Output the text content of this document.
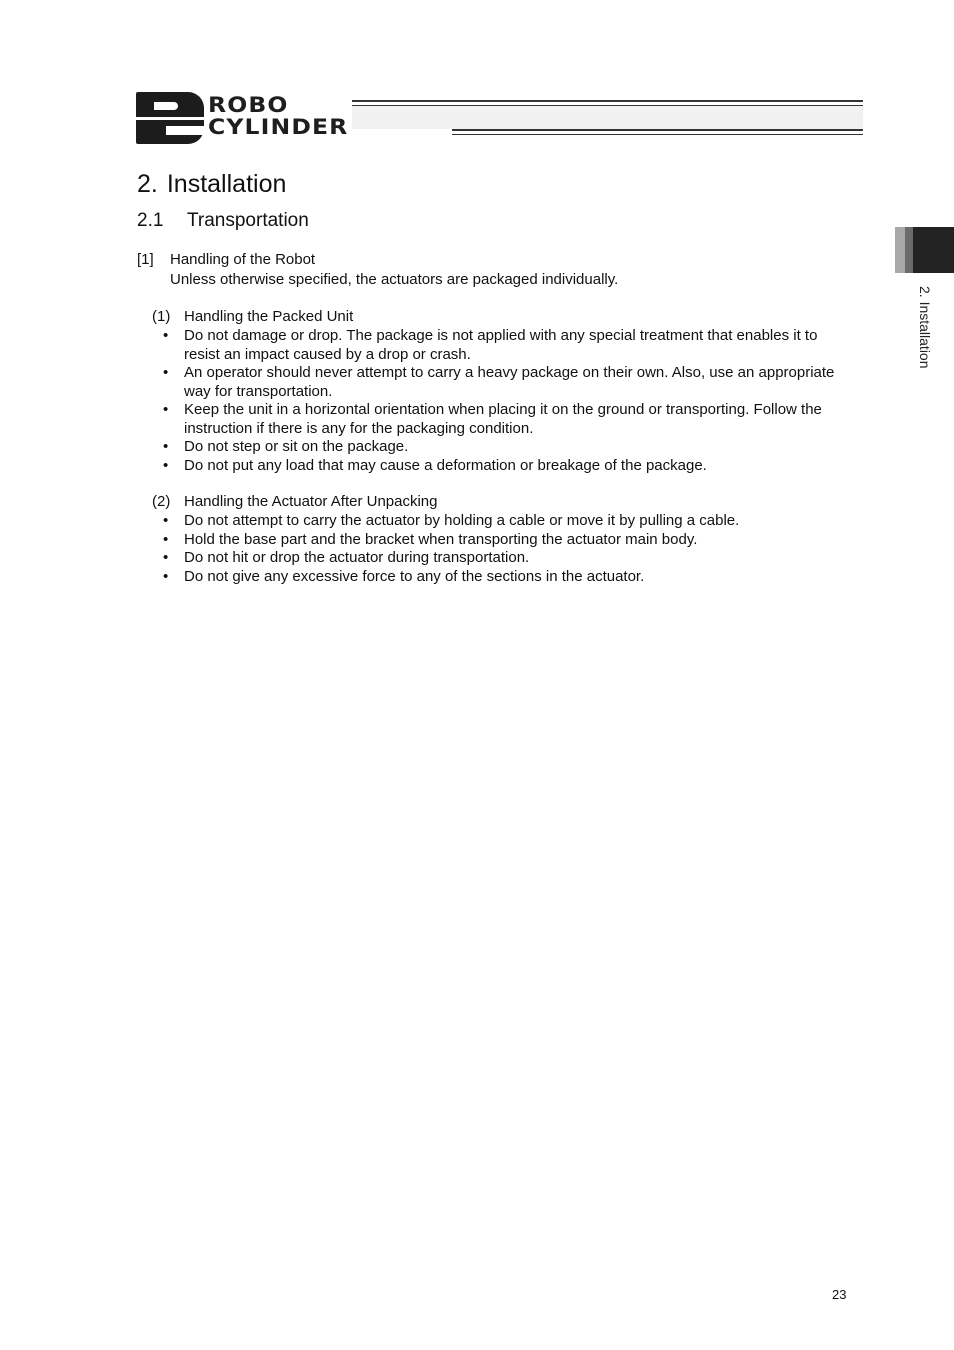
ROBO
CYLINDER
2. Installation
2. Installation
2.1 Transportation
[1] Handling of the Robot
Unless otherwise specified, the actuators are packaged individually.
(1) Handling the Packed Unit
• Do not damage or drop. The package is not applied with any special treatment that enables it to resist an impact caused by a drop or crash.
• An operator should never attempt to carry a heavy package on their own. Also, use an appropriate way for transportation.
• Keep the unit in a horizontal orientation when placing it on the ground or transporting. Follow the instruction if there is any for the packaging condition.
• Do not step or sit on the package.
• Do not put any load that may cause a deformation or breakage of the package.
(2) Handling the Actuator After Unpacking
• Do not attempt to carry the actuator by holding a cable or move it by pulling a cable.
• Hold the base part and the bracket when transporting the actuator main body.
• Do not hit or drop the actuator during transportation.
• Do not give any excessive force to any of the sections in the actuator.
23
